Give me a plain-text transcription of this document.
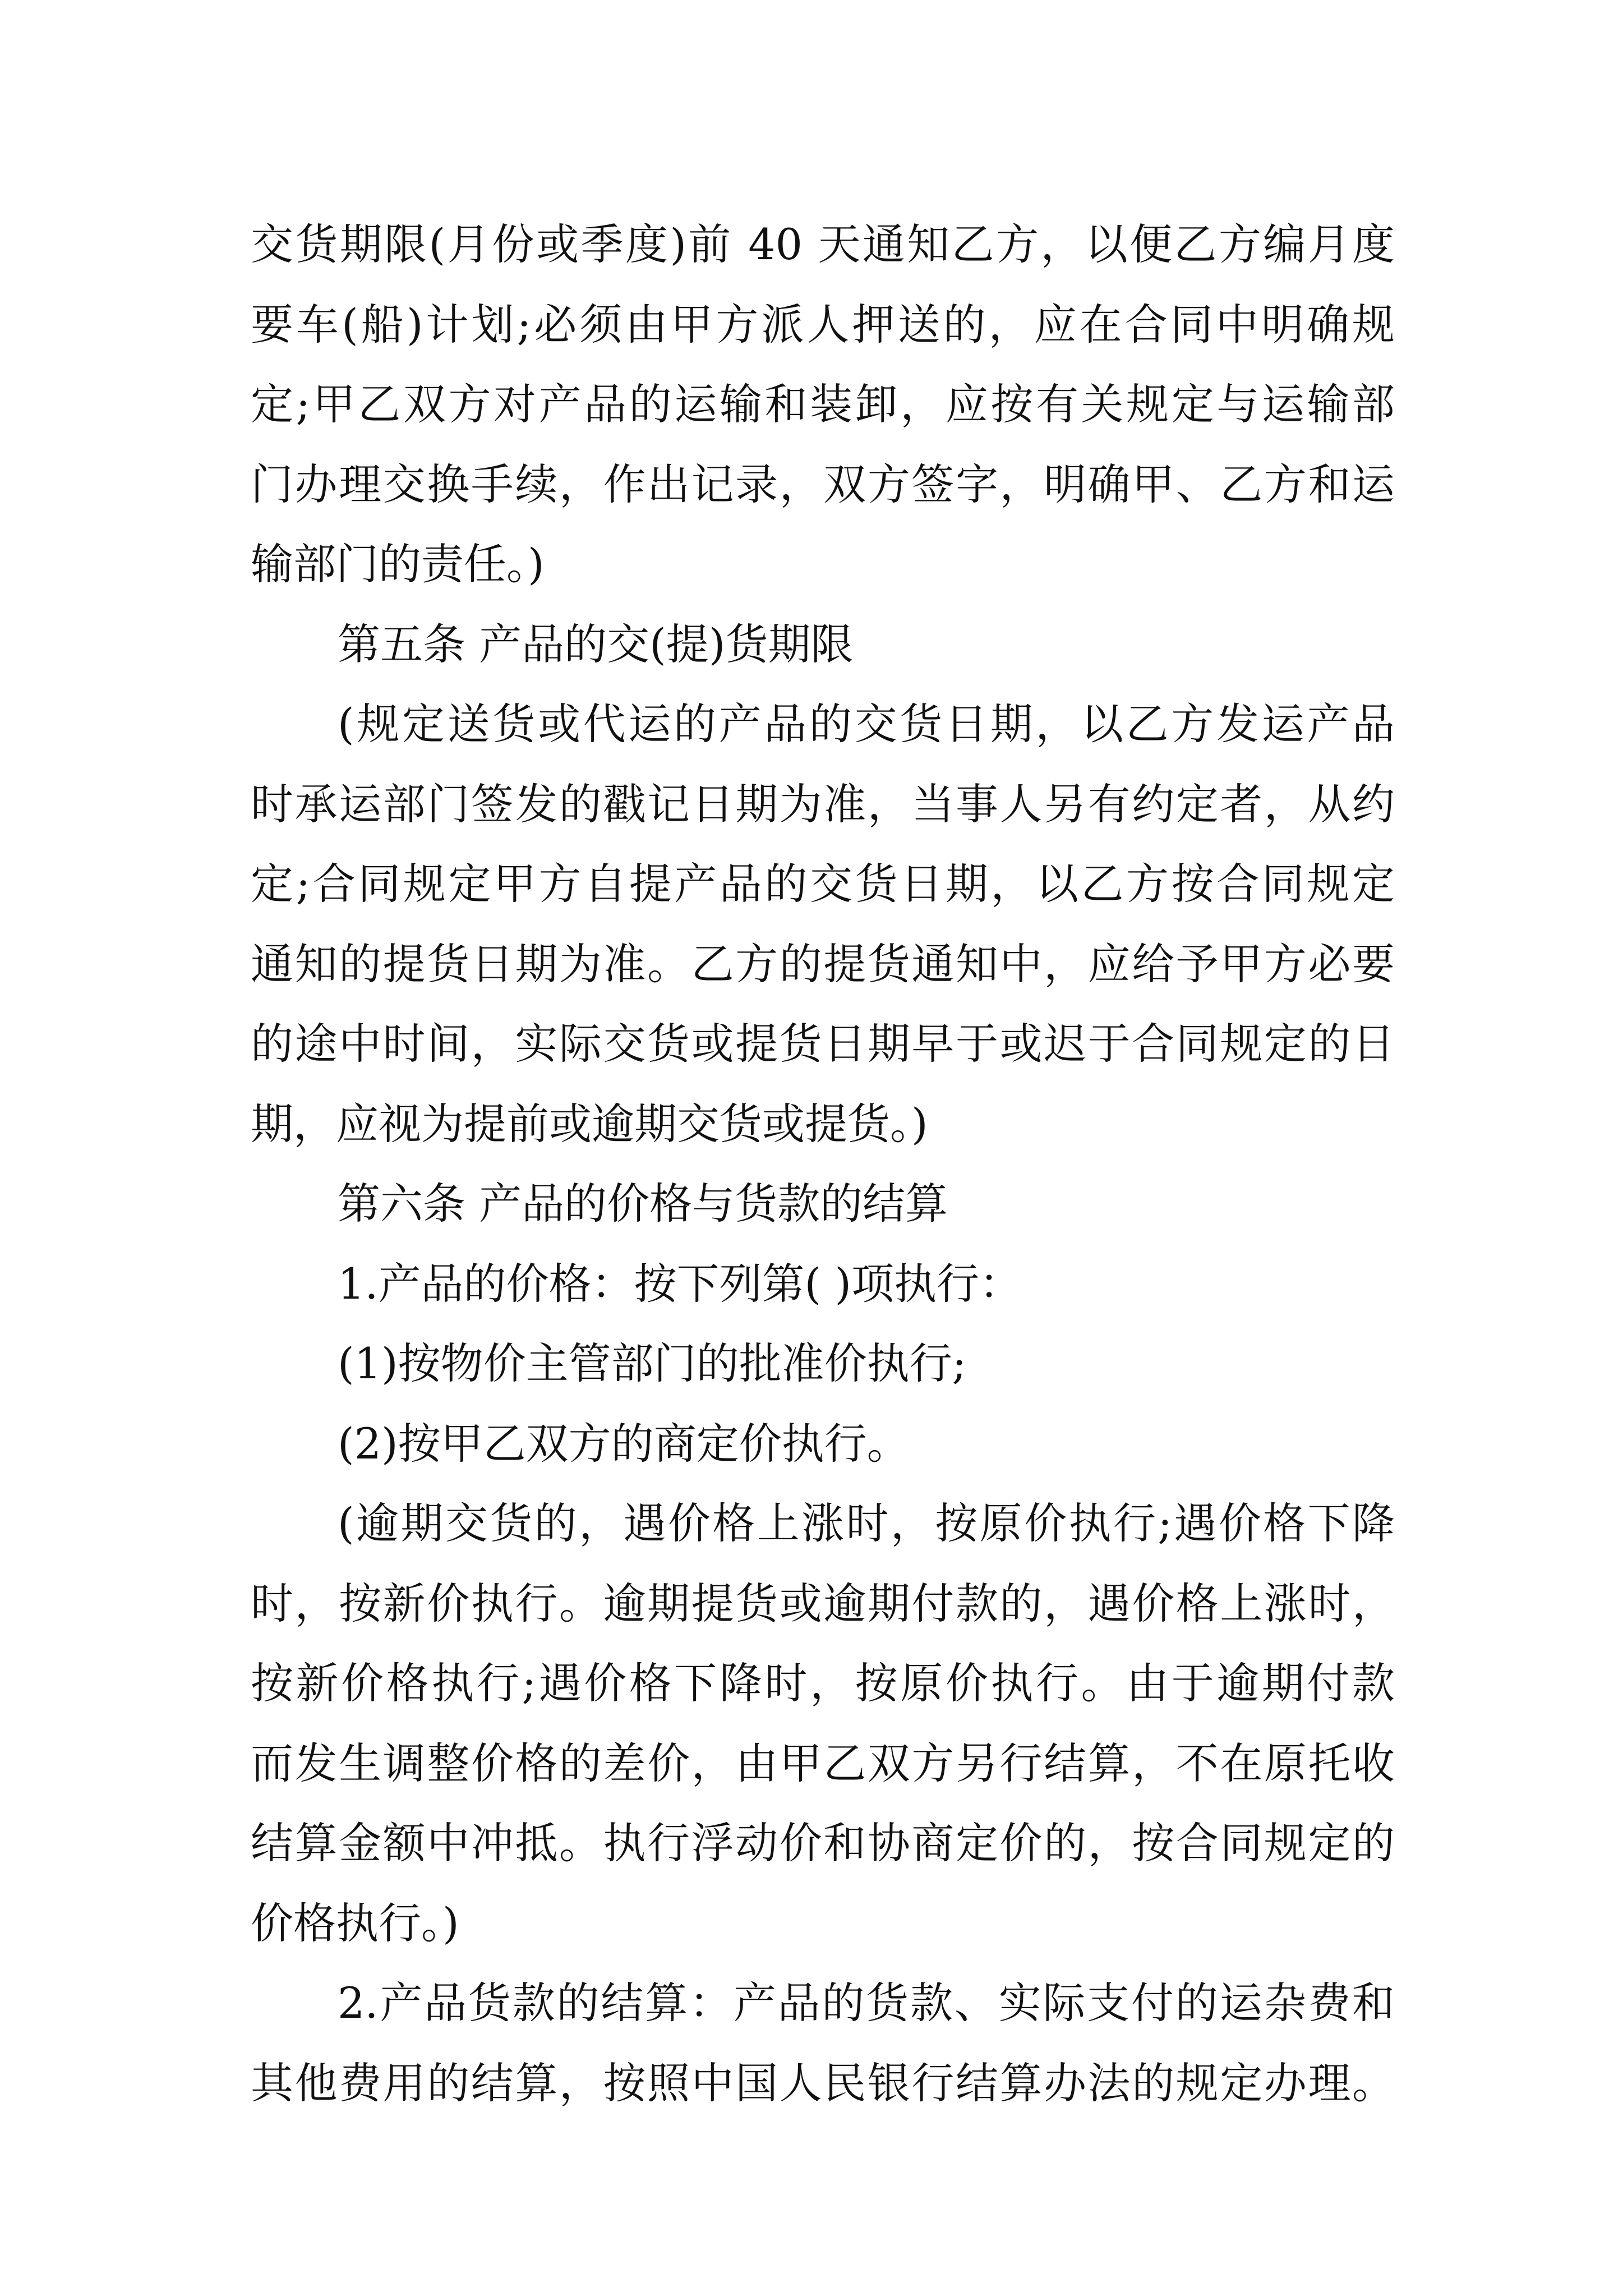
交货期限(月份或季度)前 40 天通知乙方，以便乙方编月度
要车(船)计划;必须由甲方派人押送的，应在合同中明确规
定;甲乙双方对产品的运输和装卸，应按有关规定与运输部
门办理交换手续，作出记录，双方签字，明确甲、乙方和运
输部门的责任。)
第五条 产品的交(提)货期限
(规定送货或代运的产品的交货日期，以乙方发运产品
时承运部门签发的戳记日期为准，当事人另有约定者，从约
定;合同规定甲方自提产品的交货日期，以乙方按合同规定
通知的提货日期为准。乙方的提货通知中，应给予甲方必要
的途中时间，实际交货或提货日期早于或迟于合同规定的日
期，应视为提前或逾期交货或提货。)
第六条 产品的价格与货款的结算
1.产品的价格：按下列第( )项执行：
(1)按物价主管部门的批准价执行;
(2)按甲乙双方的商定价执行。
(逾期交货的，遇价格上涨时，按原价执行;遇价格下降
时，按新价执行。逾期提货或逾期付款的，遇价格上涨时，
按新价格执行;遇价格下降时，按原价执行。由于逾期付款
而发生调整价格的差价，由甲乙双方另行结算，不在原托收
结算金额中冲抵。执行浮动价和协商定价的，按合同规定的
价格执行。)
2.产品货款的结算：产品的货款、实际支付的运杂费和
其他费用的结算，按照中国人民银行结算办法的规定办理。
